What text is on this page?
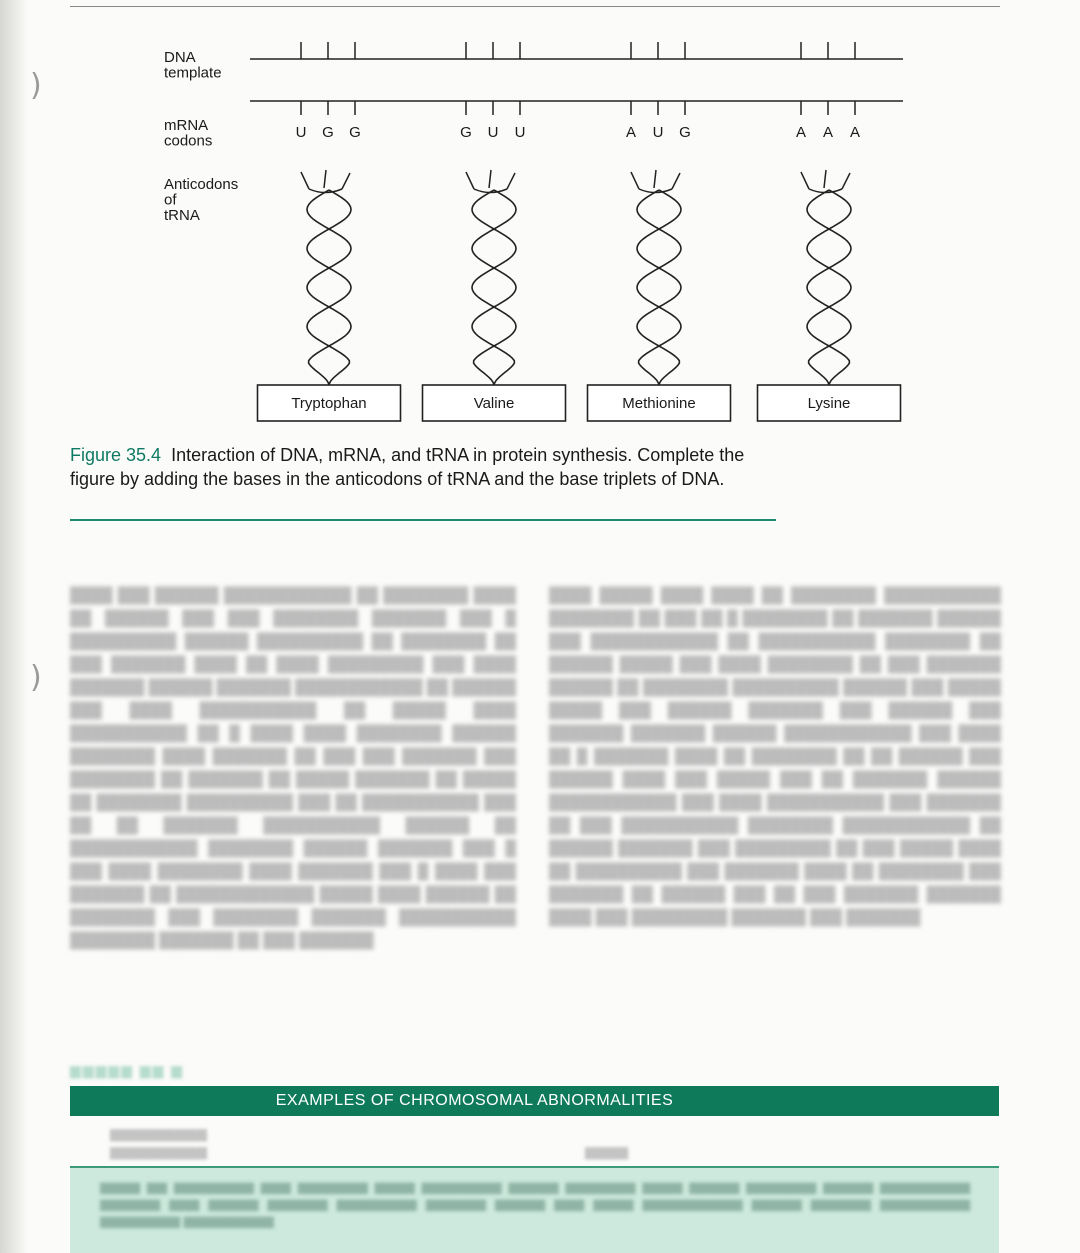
)
)
DNA
template
mRNA
codons
Anticodons
of
tRNA
U G G
Tryptophan
G U U
Valine
A U G
Methionine
A A A
Lysine
Figure 35.4 Interaction of DNA, mRNA, and tRNA in protein synthesis. Complete the figure by adding the bases in the anticodons of tRNA and the base triplets of DNA.
████ ███ ██████ ████████████ ██ ████████ ████ ██ ██████ ███ ███ ████████ ███████ ███ █ ██████████ ██████ ██████████ ██ ████████ ██ ███ ███████ ████ ██ ████ █████████ ███ ████ ███████ ██████ ███████ ████████████ ██ ██████ ███ ████ ███████████ ██ █████ ████ ███████████ ██ █ ████ ████ ████████ ██████ ████████ ████ ███████ ██ ███ ███ ███████ ███ ████████ ██ ███████ ██ █████ ███████ ██ █████ ██ ████████ ██████████ ███ ██ ███████████ ███ ██ ██ ███████ ███████████ ██████ ██ ████████████ ████████ ██████ ███████ ███ █ ███ ████ ████████ ████ ███████ ███ █ ████ ███ ███████ ██ █████████████ █████ ████ ██████ ██ ████████ ███ ████████ ███████ ███████████ ████████ ███████ ██ ███ ███████
████ █████ ████ ████ ██ ████████ ███████████ ████████ ██ ███ ██ █ ████████ ██ ███████ ██████ ███ ████████████ ██ ███████████ ████████ ██ ██████ █████ ███ ████ ████████ ██ ███ ███████ ██████ ██ ████████ ██████████ ██████ ███ █████ █████ ███ ██████ ███████ ███ ██████ ███ ███████ ███████ ██████ ████████████ ███ ████ ██ █ ███████ ████ ██ ████████ ██ ██ ██████ ███ ██████ ████ ███ █████ ███ ██ ███████ ██████ ████████████ ███ ████ ███████████ ███ ███████ ██ ███ ███████████ ████████ ████████████ ██ ██████ ███████ ███ █████████ ██ ███ █████ ████ ██ ██████████ ███ ███████ ████ ██ ████████ ███ ███████ ██ ██████ ███ ██ ███ ███████ ███████ ████ ███ █████████ ███████ ███ ███████
▆▆▆▆▆ ▆▆ ▆
EXAMPLES OF CHROMOSOMAL ABNORMALITIES
▆▆▆▆▆▆▆▆▆
▆▆▆▆▆▆▆▆▆	▆▆▆▆
▆▆▆▆ ▆▆ ▆▆▆▆▆▆▆▆ ▆▆▆ ▆▆▆▆▆▆▆ ▆▆▆▆ ▆▆▆▆▆▆▆▆ ▆▆▆▆▆ ▆▆▆▆▆▆▆ ▆▆▆▆ ▆▆▆▆▆ ▆▆▆▆▆▆▆ ▆▆▆▆▆ ▆▆▆▆▆▆▆▆▆ ▆▆▆▆▆▆ ▆▆▆ ▆▆▆▆▆ ▆▆▆▆▆▆ ▆▆▆▆▆▆▆▆ ▆▆▆▆▆▆ ▆▆▆▆▆ ▆▆▆ ▆▆▆▆ ▆▆▆▆▆▆▆▆▆▆ ▆▆▆▆▆ ▆▆▆▆▆▆ ▆▆▆▆▆▆▆▆▆ ▆▆▆▆▆▆▆▆ ▆▆▆▆▆▆▆▆▆
